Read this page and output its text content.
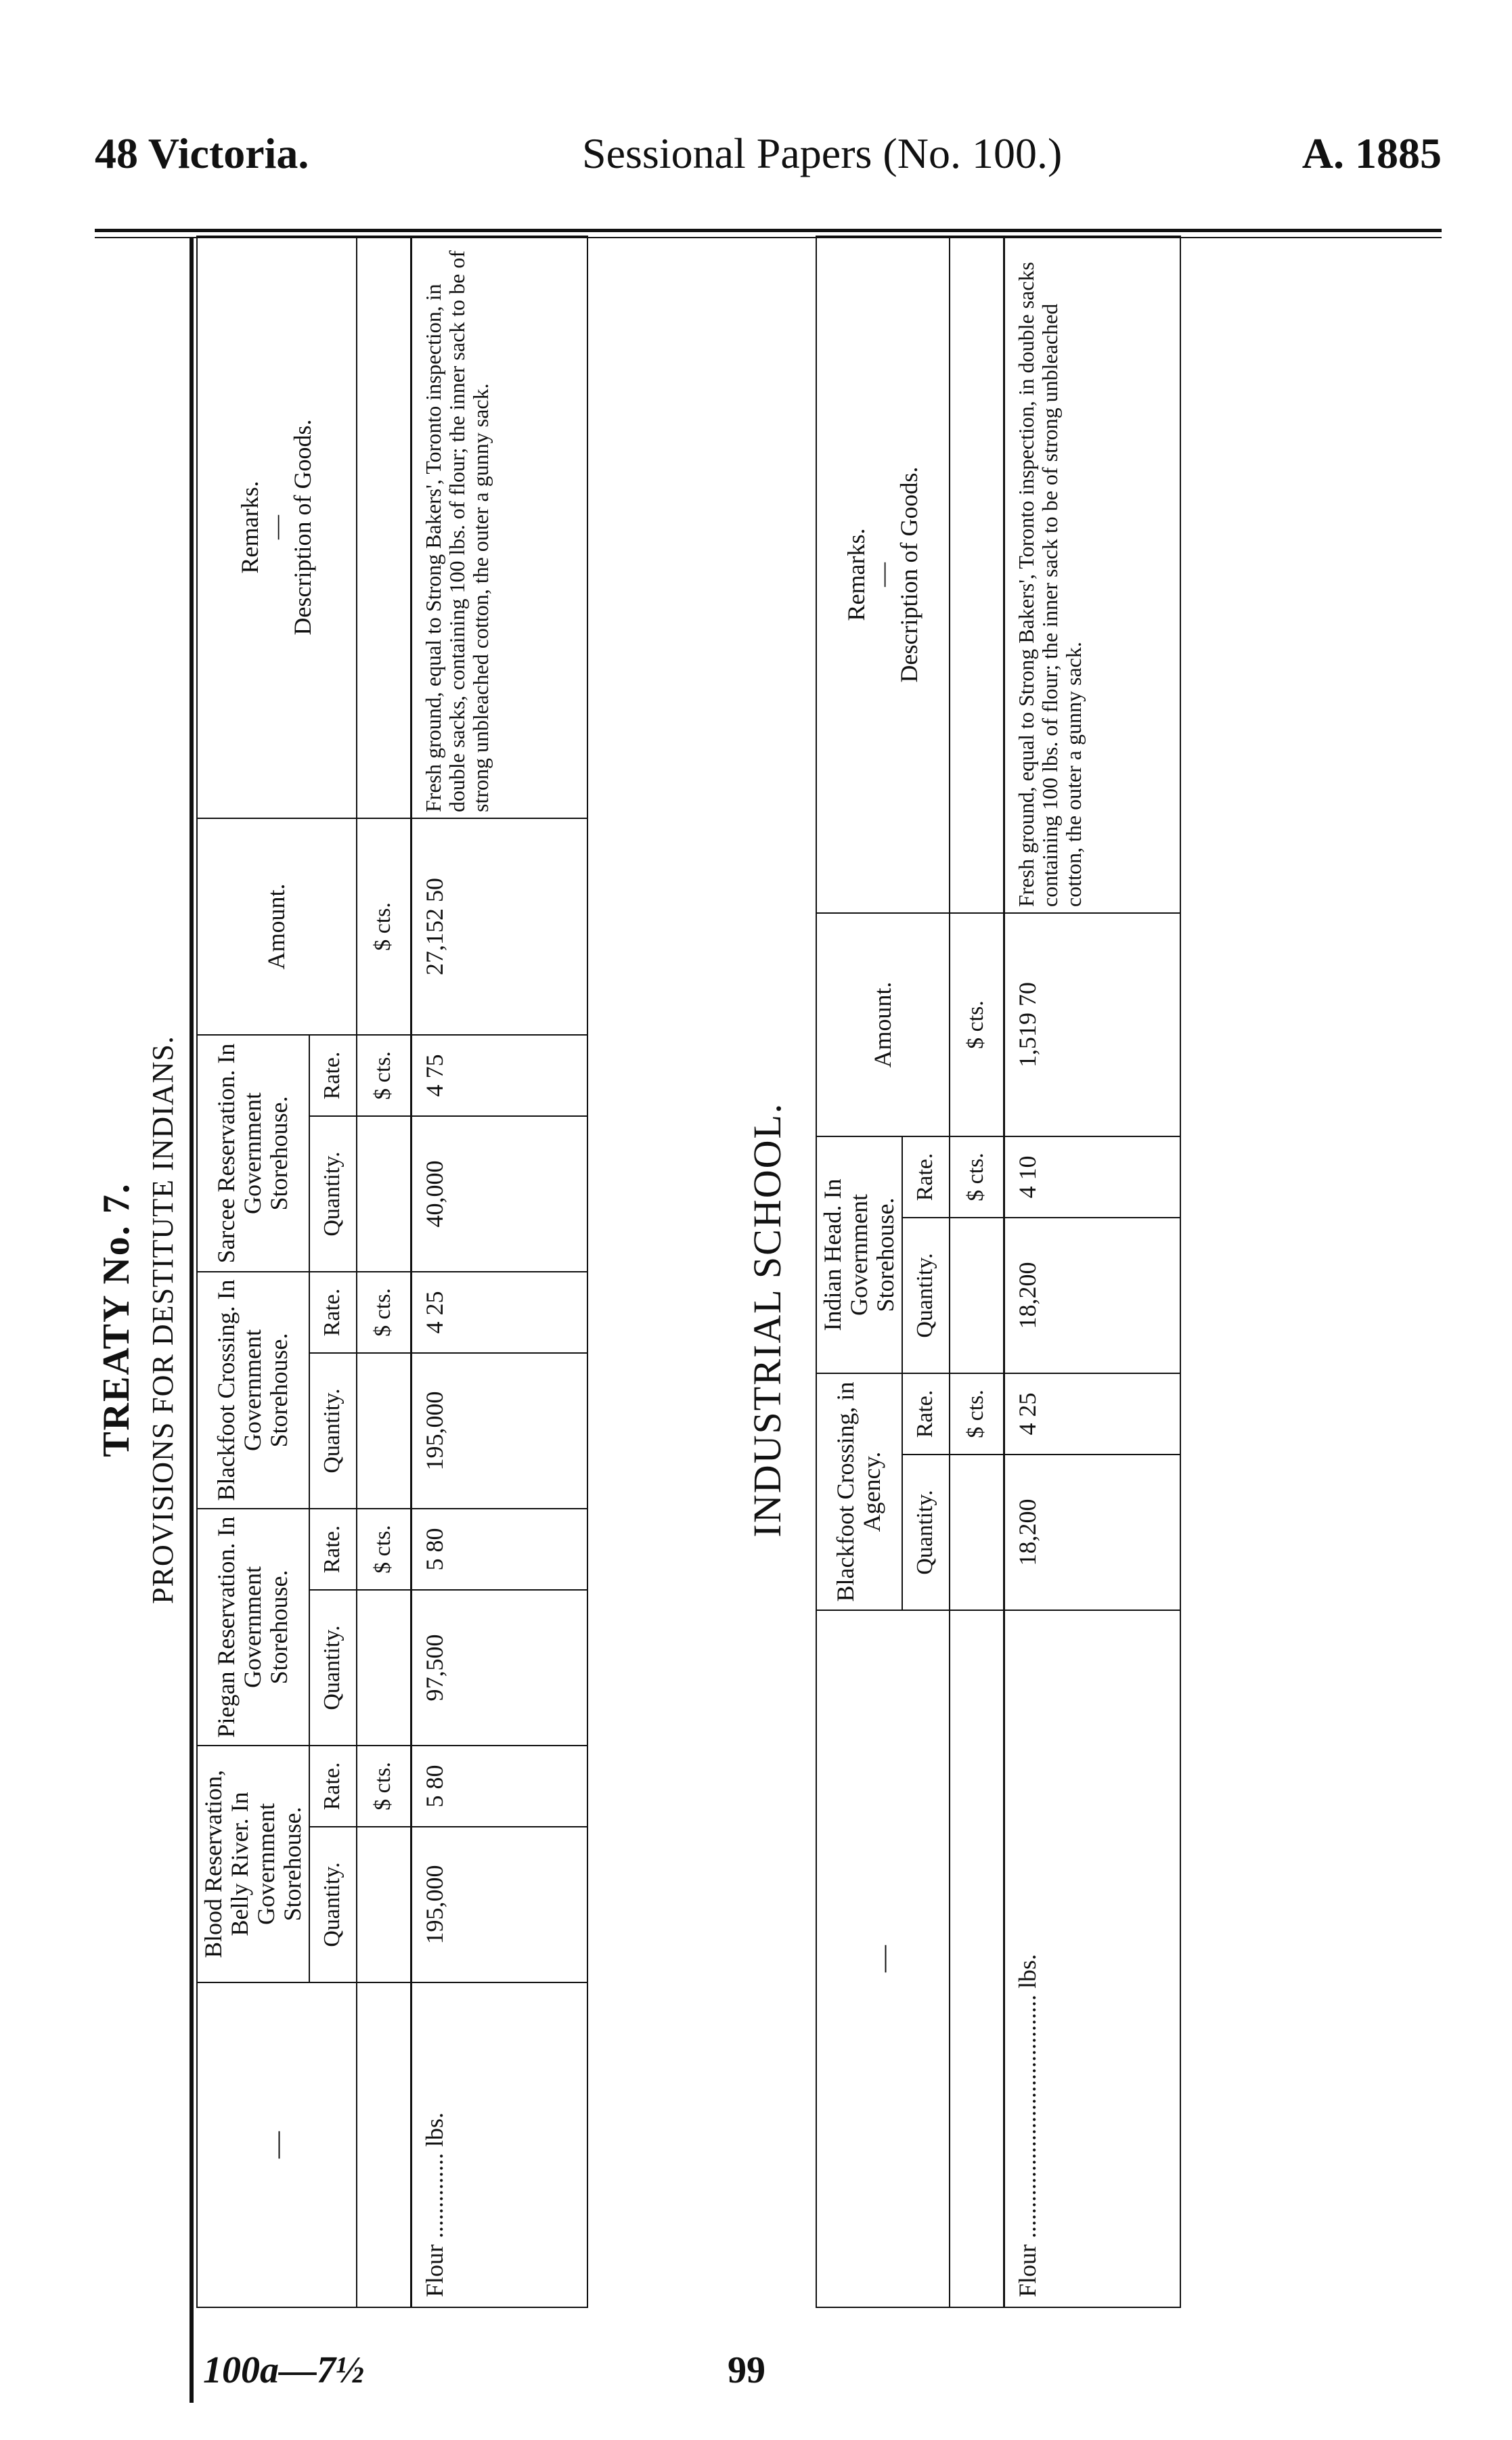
48 Victoria.	Sessional Papers (No. 100.)	A. 1885
TREATY No. 7. PROVISIONS FOR DESTITUTE INDIANS.
—	Blood Reservation, Belly River. In Government Storehouse.		Piegan Reservation. In Government Storehouse.		Blackfoot Crossing. In Government Storehouse.		Sarcee Reservation. In Government Storehouse.		Amount.	Remarks.
—
Description of Goods.

	Quantity.	Rate.	Quantity.	Rate.	Quantity.	Rate.	Quantity.	Rate.		
		$ cts.		$ cts.		$ cts.		$ cts.	$ cts.	
Flour .............. lbs.	195,000	5 80	97,500	5 80	195,000	4 25	40,000	4 75	27,152 50	Fresh ground, equal to Strong Bakers', Toronto inspection, in double sacks, containing 100 lbs. of flour; the inner sack to be of strong unbleached cotton, the outer a gunny sack.
INDUSTRIAL SCHOOL.
—	Blackfoot Crossing, in Agency.		Indian Head. In Government Storehouse.		Amount.	Remarks.
—
Description of Goods.

	Quantity.	Rate.	Quantity.	Rate.		
		$ cts.		$ cts.	$ cts.	
Flour ........................................ lbs.	18,200	4 25	18,200	4 10	1,519 70	Fresh ground, equal to Strong Bakers', Toronto inspection, in double sacks containing 100 lbs. of flour; the inner sack to be of strong unbleached cotton, the outer a gunny sack.
100a—7½	99
